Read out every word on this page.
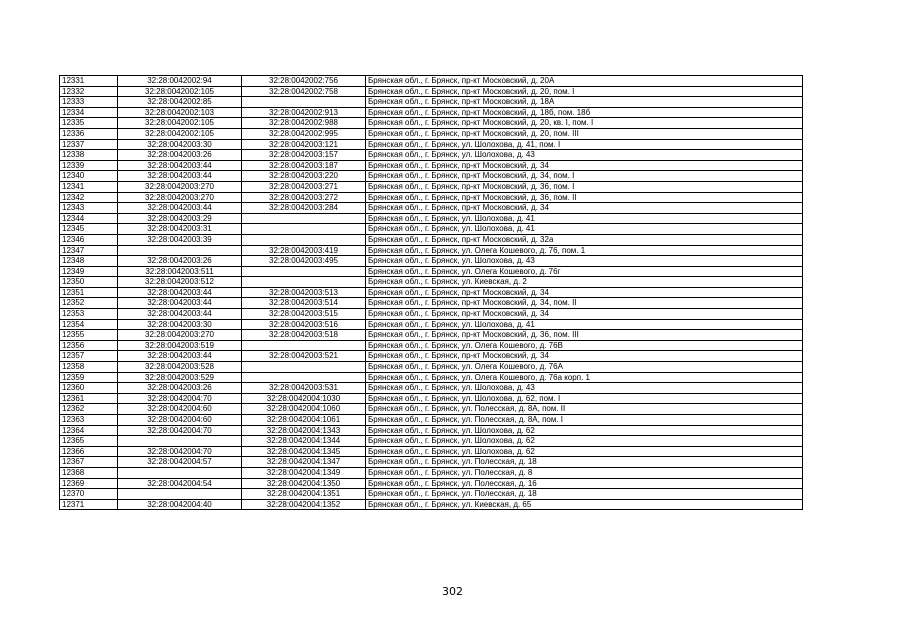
12331	32:28:0042002:94	32:28:0042002:756	Брянская обл., г. Брянск, пр-кт Московский, д. 20А
12332	32:28:0042002:105	32:28:0042002:758	Брянская обл., г. Брянск, пр-кт Московский, д. 20, пом. I
12333	32:28:0042002:85		Брянская обл., г. Брянск, пр-кт Московский, д. 18А
12334	32:28:0042002:103	32:28:0042002:913	Брянская обл., г. Брянск, пр-кт Московский, д. 18б, пом. 18б
12335	32:28:0042002:105	32:28:0042002:988	Брянская обл., г. Брянск, пр-кт Московский, д. 20, кв. I, пом. I
12336	32:28:0042002:105	32:28:0042002:995	Брянская обл., г. Брянск, пр-кт Московский, д. 20, пом. III
12337	32:28:0042003:30	32:28:0042003:121	Брянская обл., г. Брянск, ул. Шолохова, д. 41, пом. I
12338	32:28:0042003:26	32:28:0042003:157	Брянская обл., г. Брянск, ул. Шолохова, д. 43
12339	32:28:0042003:44	32:28:0042003:187	Брянская обл., г. Брянск, пр-кт Московский, д. 34
12340	32:28:0042003:44	32:28:0042003:220	Брянская обл., г. Брянск, пр-кт Московский, д. 34, пом. I
12341	32:28:0042003:270	32:28:0042003:271	Брянская обл., г. Брянск, пр-кт Московский, д. 36, пом. I
12342	32:28:0042003:270	32:28:0042003:272	Брянская обл., г. Брянск, пр-кт Московский, д. 36, пом. II
12343	32:28:0042003:44	32:28:0042003:284	Брянская обл., г. Брянск, пр-кт Московский, д. 34
12344	32:28:0042003:29		Брянская обл., г. Брянск, ул. Шолохова, д. 41
12345	32:28:0042003:31		Брянская обл., г. Брянск, ул. Шолохова, д. 41
12346	32:28:0042003:39		Брянская обл., г. Брянск, пр-кт Московский, д. 32а
12347		32:28:0042003:419	Брянская обл., г. Брянск, ул. Олега Кошевого, д. 76, пом. 1
12348	32:28:0042003:26	32:28:0042003:495	Брянская обл., г. Брянск, ул. Шолохова, д. 43
12349	32:28:0042003:511		Брянская обл., г. Брянск, ул. Олега Кошевого, д. 76г
12350	32:28:0042003:512		Брянская обл., г. Брянск, ул. Киевская, д. 2
12351	32:28:0042003:44	32:28:0042003:513	Брянская обл., г. Брянск, пр-кт Московский, д. 34
12352	32:28:0042003:44	32:28:0042003:514	Брянская обл., г. Брянск, пр-кт Московский, д. 34, пом. II
12353	32:28:0042003:44	32:28:0042003:515	Брянская обл., г. Брянск, пр-кт Московский, д. 34
12354	32:28:0042003:30	32:28:0042003:516	Брянская обл., г. Брянск, ул. Шолохова, д. 41
12355	32:28:0042003:270	32:28:0042003:518	Брянская обл., г. Брянск, пр-кт Московский, д. 36, пом. III
12356	32:28:0042003:519		Брянская обл., г. Брянск, ул. Олега Кошевого, д. 76В
12357	32:28:0042003:44	32:28:0042003:521	Брянская обл., г. Брянск, пр-кт Московский, д. 34
12358	32:28:0042003:528		Брянская обл., г. Брянск, ул. Олега Кошевого, д. 76А
12359	32:28:0042003:529		Брянская обл., г. Брянск, ул. Олега Кошевого, д. 76а корп. 1
12360	32:28:0042003:26	32:28:0042003:531	Брянская обл., г. Брянск, ул. Шолохова, д. 43
12361	32:28:0042004:70	32:28:0042004:1030	Брянская обл., г. Брянск, ул. Шолохова, д. 62, пом. I
12362	32:28:0042004:60	32:28:0042004:1060	Брянская обл., г. Брянск, ул. Полесская, д. 8А, пом. II
12363	32:28:0042004:60	32:28:0042004:1061	Брянская обл., г. Брянск, ул. Полесская, д. 8А, пом. I
12364	32:28:0042004:70	32:28:0042004:1343	Брянская обл., г. Брянск, ул. Шолохова, д. 62
12365		32:28:0042004:1344	Брянская обл., г. Брянск, ул. Шолохова, д. 62
12366	32:28:0042004:70	32:28:0042004:1345	Брянская обл., г. Брянск, ул. Шолохова, д. 62
12367	32:28:0042004:57	32:28:0042004:1347	Брянская обл., г. Брянск, ул. Полесская, д. 18
12368		32:28:0042004:1349	Брянская обл., г. Брянск, ул. Полесская, д. 8
12369	32:28:0042004:54	32:28:0042004:1350	Брянская обл., г. Брянск, ул. Полесская, д. 16
12370		32:28:0042004:1351	Брянская обл., г. Брянск, ул. Полесская, д. 18
12371	32:28:0042004:40	32:28:0042004:1352	Брянская обл., г. Брянск, ул. Киевская, д. 65
302
